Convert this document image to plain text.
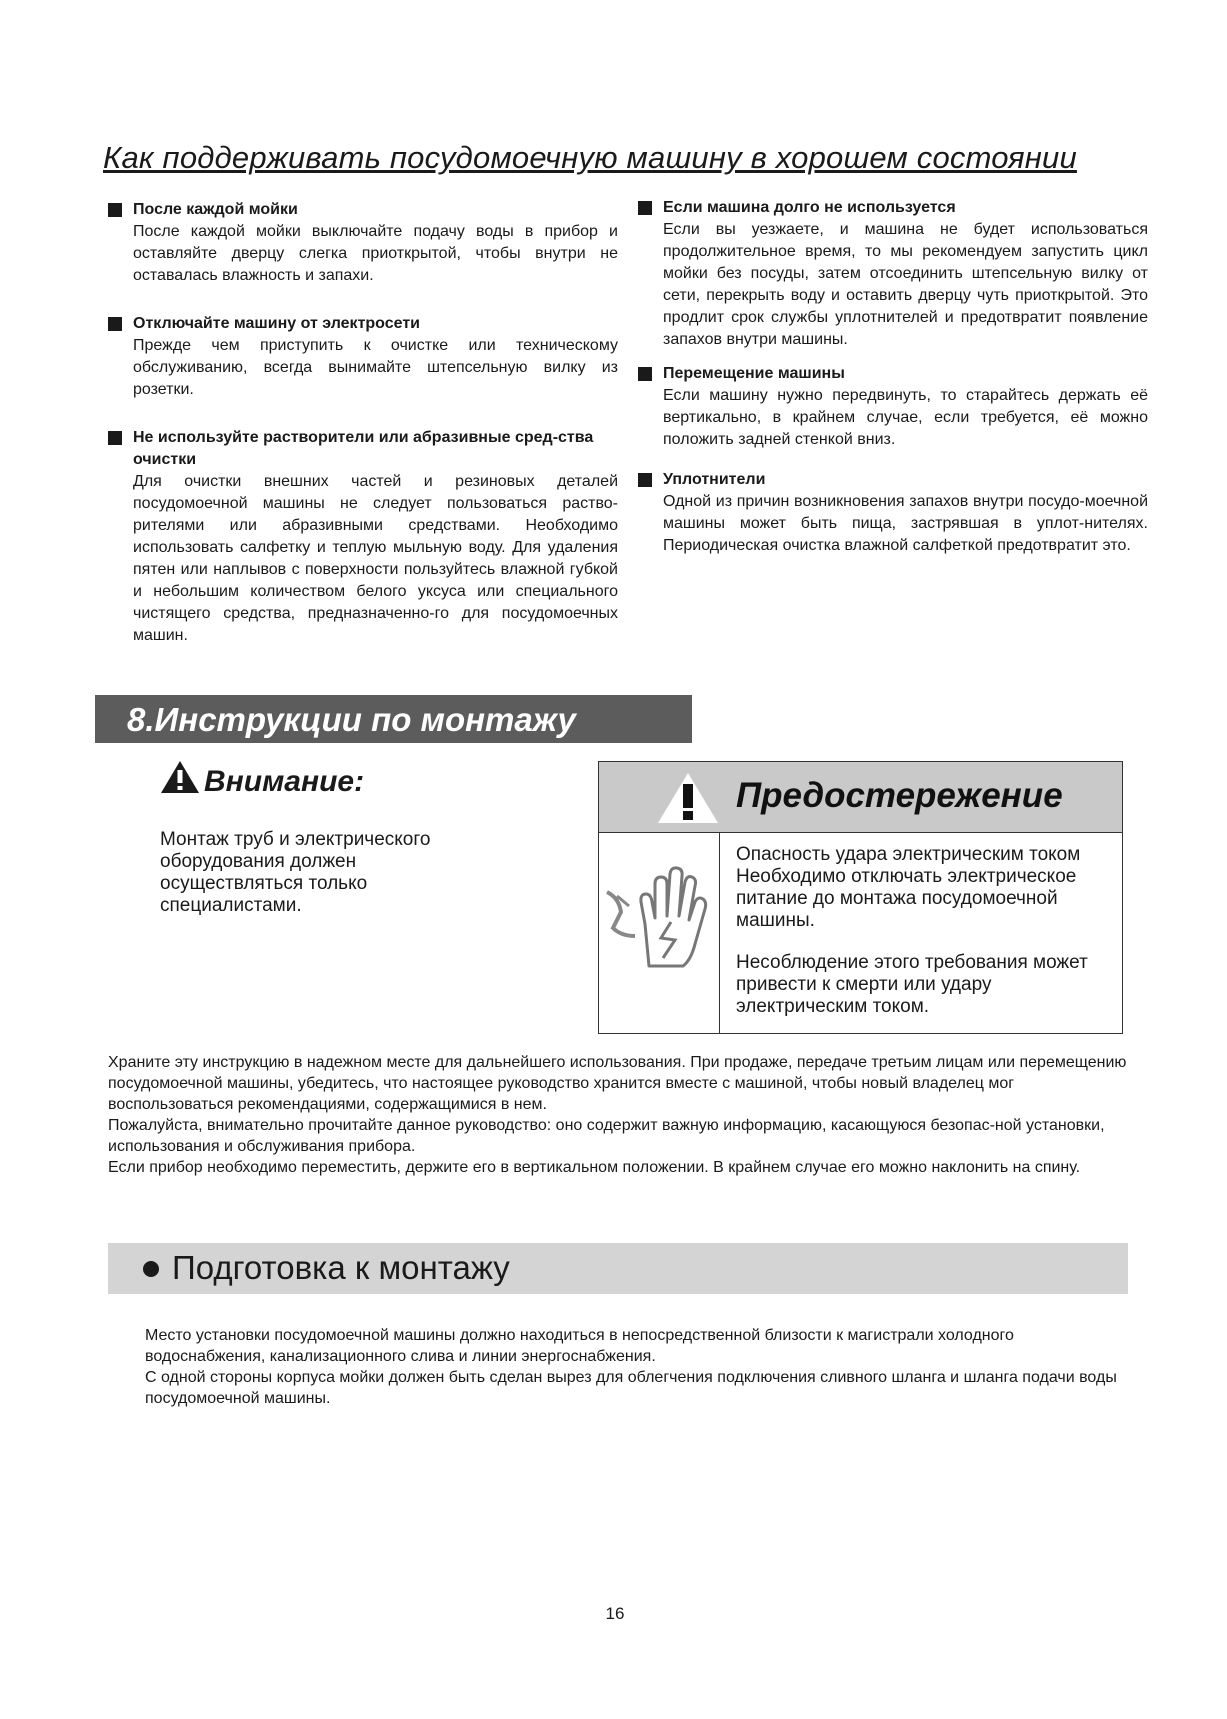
Как поддерживать посудомоечную машину в хорошем состоянии
После каждой мойки

После каждой мойки выключайте подачу воды в прибор и оставляйте дверцу слегка приоткрытой, чтобы внутри не оставалась влажность и запахи.

Отключайте машину от электросети

Прежде чем приступить к очистке или техническому обслуживанию, всегда вынимайте штепсельную вилку из розетки.

Не используйте растворители или абразивные сред-ства очистки

Для очистки внешних частей и резиновых деталей посудомоечной машины не следует пользоваться раство-рителями или абразивными средствами. Необходимо использовать салфетку и теплую мыльную воду. Для удаления пятен или наплывов с поверхности пользуйтесь влажной губкой и небольшим количеством белого уксуса или специального чистящего средства, предназначенно-го для посудомоечных машин.

Если машина долго не используется

Если вы уезжаете, и машина не будет использоваться продолжительное время, то мы рекомендуем запустить цикл мойки без посуды, затем отсоединить штепсельную вилку от сети, перекрыть воду и оставить дверцу чуть приоткрытой. Это продлит срок службы уплотнителей и предотвратит появление запахов внутри машины.

Перемещение машины

Если машину нужно передвинуть, то старайтесь держать её вертикально, в крайнем случае, если требуется, её можно положить задней стенкой вниз.

Уплотнители

Одной из причин возникновения запахов внутри посудо-моечной машины может быть пища, застрявшая в уплот-нителях. Периодическая очистка влажной салфеткой предотвратит это.

8.Инструкции по монтажу
Внимание:

Монтаж труб и электрического оборудования должен осуществляться только специалистами.

Предостережение

Опасность удара электрическим током Необходимо отключать электрическое питание до монтажа посудомоечной машины.

Несоблюдение этого требования может привести к смерти или удару электрическим током.

Храните эту инструкцию в надежном месте для дальнейшего использования. При продаже, передаче третьим лицам или перемещению посудомоечной машины, убедитесь, что настоящее руководство хранится вместе с машиной, чтобы новый владелец мог воспользоваться рекомендациями, содержащимися в нем.

Пожалуйста, внимательно прочитайте данное руководство: оно содержит важную информацию, касающуюся безопас-ной установки, использования и обслуживания прибора.

Если прибор необходимо переместить, держите его в вертикальном положении. В крайнем случае его можно наклонить на спину.

Подготовка к монтажу

Место установки посудомоечной машины должно находиться в непосредственной близости к магистрали холодного водоснабжения, канализационного слива и линии энергоснабжения.

С одной стороны корпуса мойки должен быть сделан вырез для облегчения подключения сливного шланга и шланга подачи воды посудомоечной машины.

16
